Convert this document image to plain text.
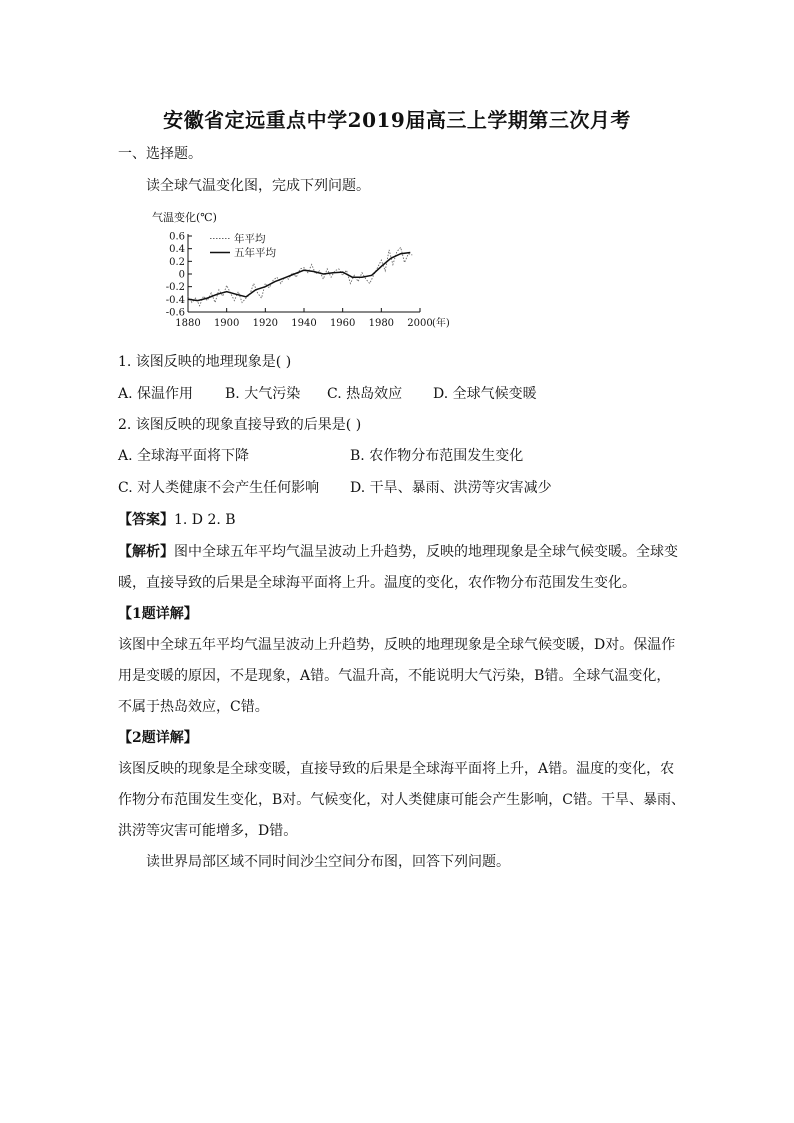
安徽省定远重点中学2019届高三上学期第三次月考
一、选择题。
读全球气温变化图，完成下列问题。
气温变化(℃)
0.6
0.4
0.2
0
-0.2
-0.4
-0.6
1880 1900 1920 1940 1960 1980 2000 (年)
年平均
五年平均
1. 该图反映的地理现象是( )
A. 保温作用 B. 大气污染 C. 热岛效应 D. 全球气候变暖
2. 该图反映的现象直接导致的后果是( )
A. 全球海平面将下降	B. 农作物分布范围发生变化
C. 对人类健康不会产生任何影响 D. 干旱、暴雨、洪涝等灾害减少
【答案】1. D 2. B
【解析】图中全球五年平均气温呈波动上升趋势，反映的地理现象是全球气候变暖。全球变
暖，直接导致的后果是全球海平面将上升。温度的变化，农作物分布范围发生变化。
【1题详解】
该图中全球五年平均气温呈波动上升趋势，反映的地理现象是全球气候变暖，D对。保温作
用是变暖的原因，不是现象，A错。气温升高，不能说明大气污染，B错。全球气温变化，
不属于热岛效应，C错。
【2题详解】
该图反映的现象是全球变暖，直接导致的后果是全球海平面将上升，A错。温度的变化，农
作物分布范围发生变化，B对。气候变化，对人类健康可能会产生影响，C错。干旱、暴雨、
洪涝等灾害可能增多，D错。
读世界局部区域不同时间沙尘空间分布图，回答下列问题。
